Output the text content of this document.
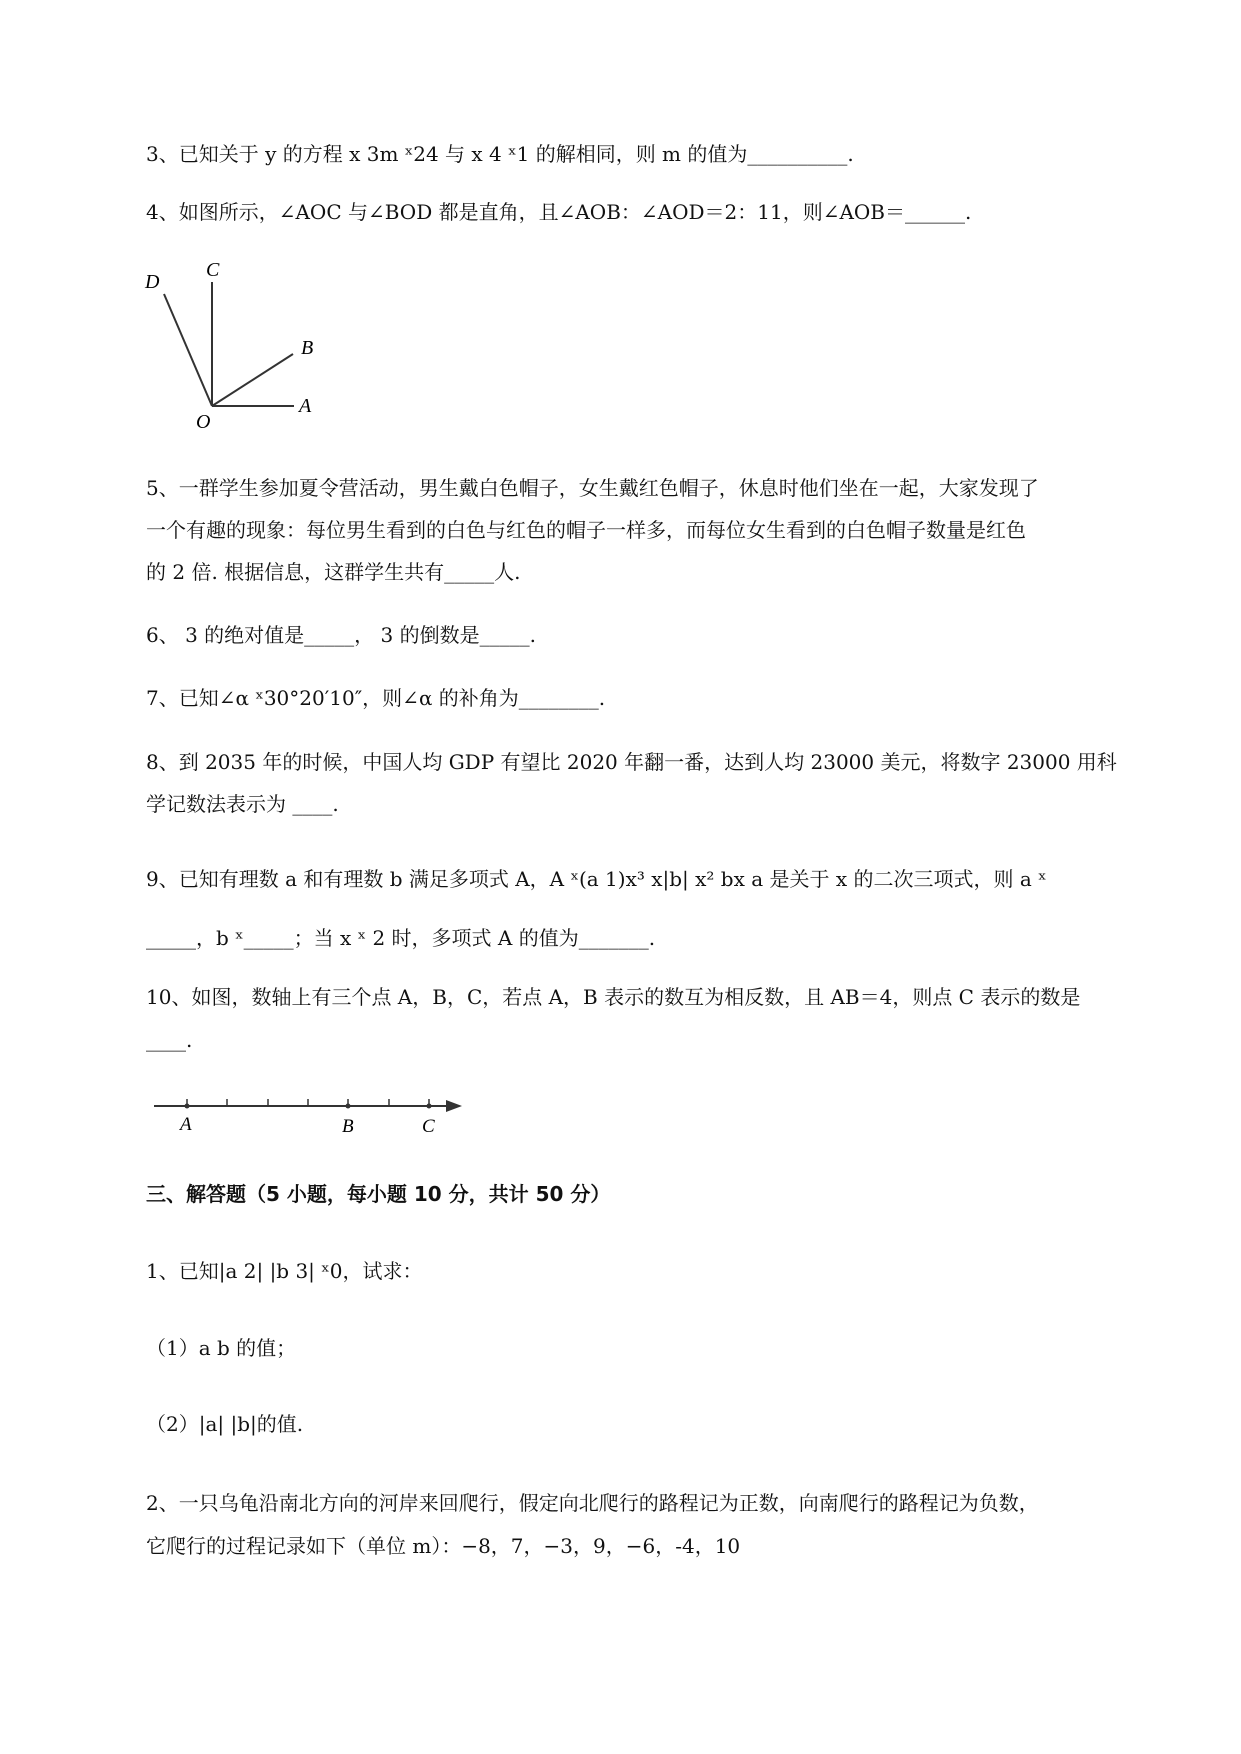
3、已知关于 y 的方程 x 3m ˣ24 与 x 4 ˣ1 的解相同，则 m 的值为__________.
4、如图所示，∠AOC 与∠BOD 都是直角，且∠AOB：∠AOD＝2：11，则∠AOB＝______.
D
C
B
O
A
5、一群学生参加夏令营活动，男生戴白色帽子，女生戴红色帽子，休息时他们坐在一起，大家发现了
一个有趣的现象：每位男生看到的白色与红色的帽子一样多，而每位女生看到的白色帽子数量是红色
的 2 倍. 根据信息，这群学生共有_____人.
6、 3 的绝对值是_____， 3 的倒数是_____.
7、已知∠α ˣ30°20′10″，则∠α 的补角为________.
8、到 2035 年的时候，中国人均 GDP 有望比 2020 年翻一番，达到人均 23000 美元，将数字 23000 用科
学记数法表示为 ____.
9、已知有理数 a 和有理数 b 满足多项式 A，A ˣ(a 1)x³ x|b| x² bx a 是关于 x 的二次三项式，则 a ˣ
_____，b ˣ_____；当 x ˣ 2 时，多项式 A 的值为_______.
10、如图，数轴上有三个点 A，B，C，若点 A，B 表示的数互为相反数，且 AB＝4，则点 C 表示的数是
____.
A	B	C
三、解答题（5 小题，每小题 10 分，共计 50 分）
1、已知|a 2| |b 3| ˣ0，试求：
（1）a b 的值；
（2）|a| |b|的值.
2、一只乌龟沿南北方向的河岸来回爬行，假定向北爬行的路程记为正数，向南爬行的路程记为负数，
它爬行的过程记录如下（单位 m）：−8，7，−3，9，−6，-4，10
